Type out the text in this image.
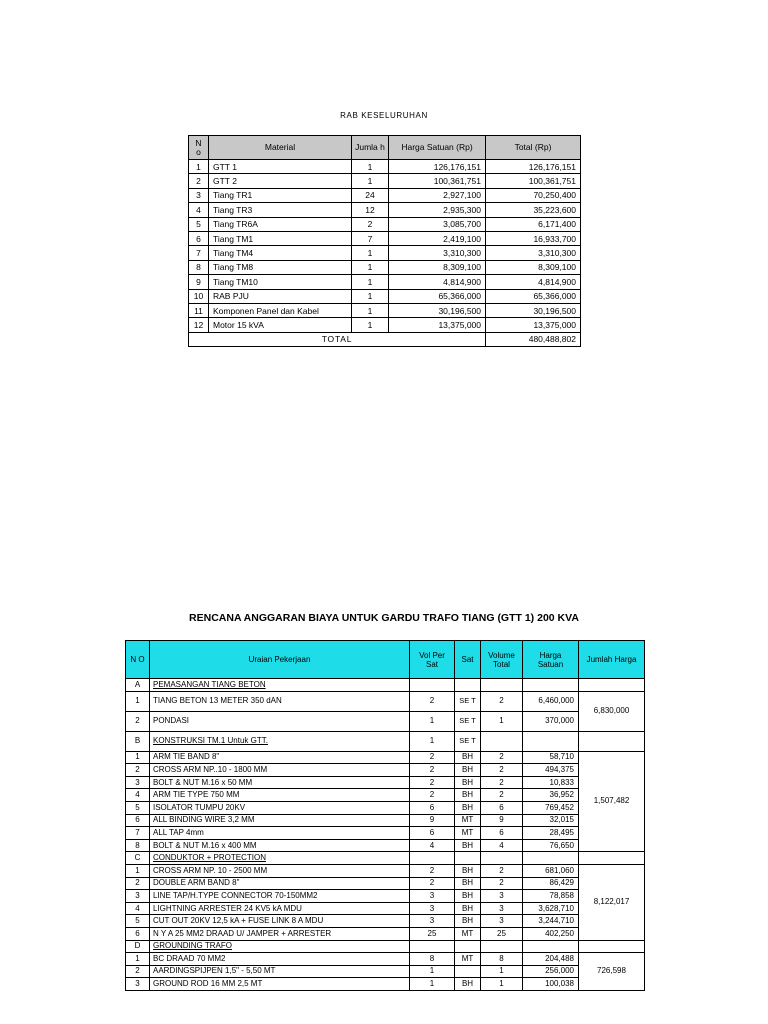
RAB KESELURUHAN
N o	Material	Jumla h	Harga Satuan (Rp)	Total (Rp)
1	GTT 1	1	126,176,151	126,176,151
2	GTT 2	1	100,361,751	100,361,751
3	Tiang TR1	24	2,927,100	70,250,400
4	Tiang TR3	12	2,935,300	35,223,600
5	Tiang TR6A	2	3,085,700	6,171,400
6	Tiang TM1	7	2,419,100	16,933,700
7	Tiang TM4	1	3,310,300	3,310,300
8	Tiang TM8	1	8,309,100	8,309,100
9	Tiang TM10	1	4,814,900	4,814,900
10	RAB PJU	1	65,366,000	65,366,000
11	Komponen Panel dan Kabel	1	30,196,500	30,196,500
12	Motor 15 kVA	1	13,375,000	13,375,000
TOTAL				480,488,802
RENCANA ANGGARAN BIAYA UNTUK GARDU TRAFO TIANG (GTT 1) 200 KVA
N O	Uraian Pekerjaan	Vol Per Sat	Sat	Volume Total	Harga Satuan	Jumlah Harga
A	PEMASANGAN TIANG BETON					
1	TIANG BETON 13 METER 350 dAN	2	SE T	2	6,460,000	6,830,000
2	PONDASI	1	SE T	1	370,000	
B	KONSTRUKSI TM.1 Untuk GTT.	1	SE T			
1	ARM TIE BAND 8"	2	BH	2	58,710	1,507,482
2	CROSS ARM NP..10 - 1800 MM	2	BH	2	494,375	
3	BOLT & NUT M.16 x 50 MM	2	BH	2	10,833	
4	ARM TIE TYPE 750 MM	2	BH	2	36,952	
5	ISOLATOR TUMPU 20KV	6	BH	6	769,452	
6	ALL BINDING WIRE 3,2 MM	9	MT	9	32,015	
7	ALL TAP 4mm	6	MT	6	28,495	
8	BOLT & NUT M.16 x 400 MM	4	BH	4	76,650	
C	CONDUKTOR + PROTECTION					
1	CROSS ARM NP. 10 - 2500 MM	2	BH	2	681,060	8,122,017
2	DOUBLE ARM BAND 8"	2	BH	2	86,429	
3	LINE TAP/H.TYPE CONNECTOR 70-150MM2	3	BH	3	78,858	
4	LIGHTNING ARRESTER 24 KV5 kA MDU	3	BH	3	3,628,710	
5	CUT OUT 20KV 12,5 kA + FUSE LINK 8 A MDU	3	BH	3	3,244,710	
6	N Y A 25 MM2 DRAAD U/ JAMPER + ARRESTER	25	MT	25	402,250	
D	GROUNDING TRAFO					
1	BC DRAAD 70 MM2	8	MT	8	204,488	726,598
2	AARDINGSPIJPEN 1,5" - 5,50 MT	1		1	256,000	
3	GROUND ROD 16 MM 2,5 MT	1	BH	1	100,038	
